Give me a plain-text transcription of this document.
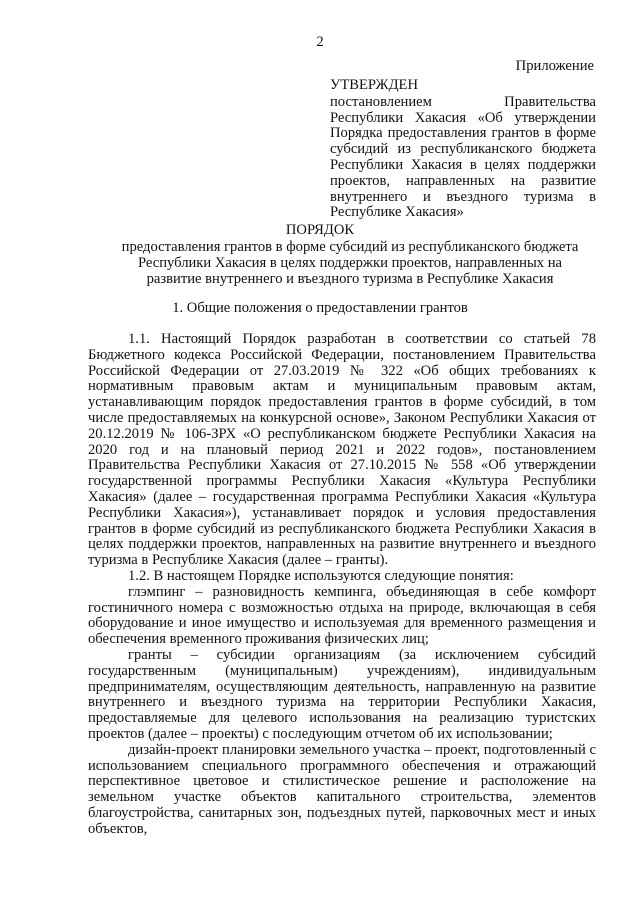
2
Приложение
УТВЕРЖДЕН
постановлением Правительства Республики Хакасия «Об утверждении Порядка предоставления грантов в форме субсидий из республиканского бюджета Республики Хакасия в целях поддержки проектов, направленных на развитие внутреннего и въездного туризма в Республике Хакасия»
ПОРЯДОК
предоставления грантов в форме субсидий из республиканского бюджета Республики Хакасия в целях поддержки проектов, направленных на развитие внутреннего и въездного туризма в Республике Хакасия
1. Общие положения о предоставлении грантов

1.1. Настоящий Порядок разработан в соответствии со статьей 78 Бюджетного кодекса Российской Федерации, постановлением Правительства Российской Федерации от 27.03.2019 № 322 «Об общих требованиях к нормативным правовым актам и муниципальным правовым актам, устанавливающим порядок предоставления грантов в форме субсидий, в том числе предоставляемых на конкурсной основе», Законом Республики Хакасия от 20.12.2019 № 106-ЗРХ «О республиканском бюджете Республики Хакасия на 2020 год и на плановый период 2021 и 2022 годов», постановлением Правительства Республики Хакасия от 27.10.2015 № 558 «Об утверждении государственной программы Республики Хакасия «Культура Республики Хакасия» (далее – государственная программа Республики Хакасия «Культура Республики Хакасия»), устанавливает порядок и условия предоставления грантов в форме субсидий из республиканского бюджета Республики Хакасия в целях поддержки проектов, направленных на развитие внутреннего и въездного туризма в Республике Хакасия (далее – гранты).

1.2. В настоящем Порядке используются следующие понятия:

глэмпинг – разновидность кемпинга, объединяющая в себе комфорт гостиничного номера с возможностью отдыха на природе, включающая в себя оборудование и иное имущество и используемая для временного размещения и обеспечения временного проживания физических лиц;

гранты – субсидии организациям (за исключением субсидий государственным (муниципальным) учреждениям), индивидуальным предпринимателям, осуществляющим деятельность, направленную на развитие внутреннего и въездного туризма на территории Республики Хакасия, предоставляемые для целевого использования на реализацию туристских проектов (далее – проекты) с последующим отчетом об их использовании;

дизайн-проект планировки земельного участка – проект, подготовленный с использованием специального программного обеспечения и отражающий перспективное цветовое и стилистическое решение и расположение на земельном участке объектов капитального строительства, элементов благоустройства, санитарных зон, подъездных путей, парковочных мест и иных объектов,
